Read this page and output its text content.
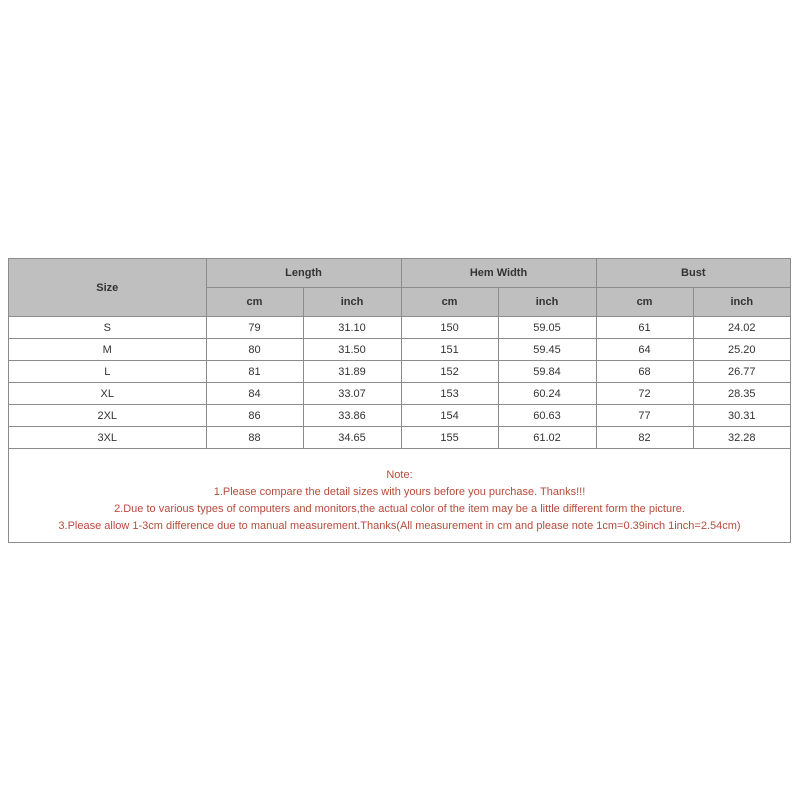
Size	Length		Hem Width		Bust	
	cm	inch	cm	inch	cm	inch
S	79	31.10	150	59.05	61	24.02
M	80	31.50	151	59.45	64	25.20
L	81	31.89	152	59.84	68	26.77
XL	84	33.07	153	60.24	72	28.35
2XL	86	33.86	154	60.63	77	30.31
3XL	88	34.65	155	61.02	82	32.28
Note:
1.Please compare the detail sizes with yours before you purchase. Thanks!!!
2.Due to various types of computers and monitors,the actual color of the item may be a little different form the picture.
3.Please allow 1-3cm difference due to manual measurement.Thanks(All measurement in cm and please note 1cm=0.39inch 1inch=2.54cm)
